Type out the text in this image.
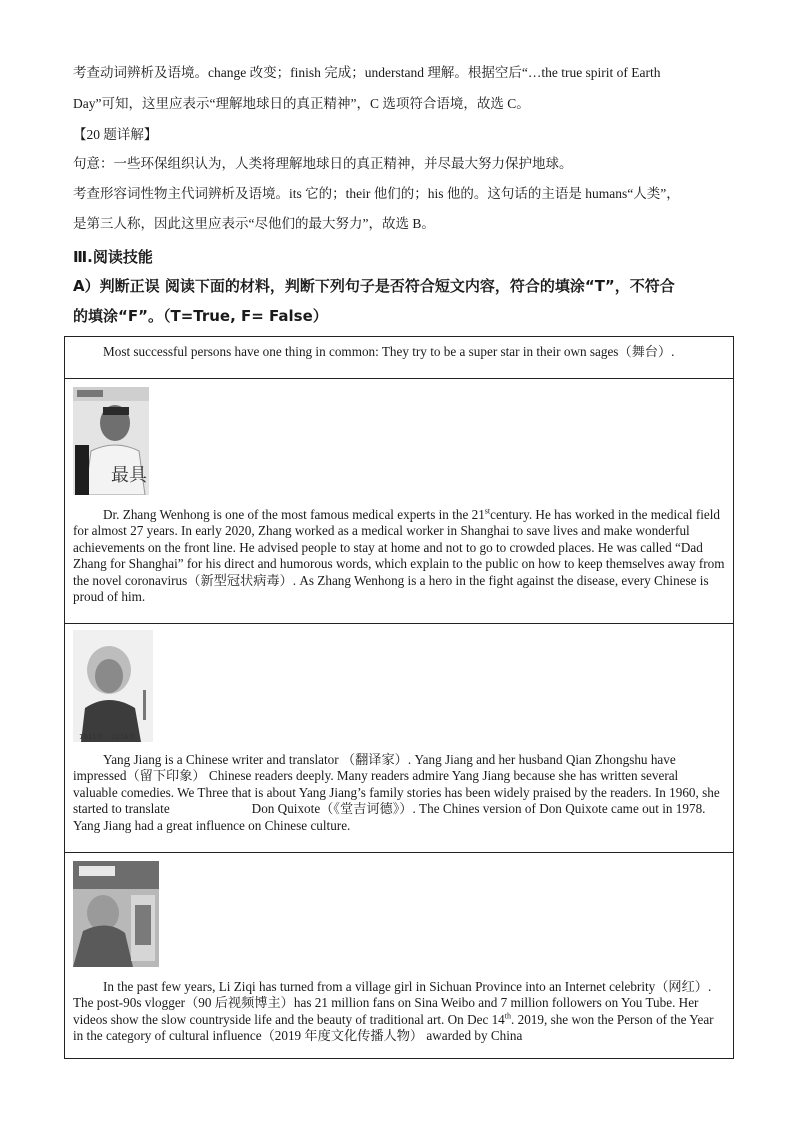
考查动词辨析及语境。change 改变；finish 完成；understand 理解。根据空后“…the true spirit of Earth
Day”可知，这里应表示“理解地球日的真正精神”，C 选项符合语境，故选 C。
【20 题详解】
句意：一些环保组织认为，人类将理解地球日的真正精神，并尽最大努力保护地球。
考查形容词性物主代词辨析及语境。its 它的；their 他们的；his 他的。这句话的主语是 humans“人类”，
是第三人称，因此这里应表示“尽他们的最大努力”，故选 B。
Ⅲ.阅读技能
A）判断正误 阅读下面的材料，判断下列句子是否符合短文内容，符合的填涂“T”，不符合
的填涂“F”。（T=True, F= False）

Most successful persons have one thing in common: They try to be a super star in their own sages（舞台）.

最具

Dr. Zhang Wenhong is one of the most famous medical experts in the 21stcentury. He has worked in the medical field for almost 27 years. In early 2020, Zhang worked as a medical worker in Shanghai to save lives and make wonderful achievements on the front line. He advised people to stay at home and not to go to crowded places. He was called “Dad Zhang for Shanghai” for his direct and humorous words, which explain to the public on how to keep themselves away from the novel coronavirus（新型冠状病毒）. As Zhang Wenhong is a hero in the fight against the disease, every Chinese is proud of him.

1911年 - 2016年

Yang Jiang is a Chinese writer and translator （翻译家）. Yang Jiang and her husband Qian Zhongshu have impressed（留下印象） Chinese readers deeply. Many readers admire Yang Jiang because she has written several valuable comedies. We Three that is about Yang Jiang’s family stories has been widely praised by the readers. In 1960, she started to translate	Don Quixote（《堂吉诃德》）. The Chines version of Don Quixote came out in 1978. Yang Jiang had a great influence on Chinese culture.

In the past few years, Li Ziqi has turned from a village girl in Sichuan Province into an Internet celebrity（网红）. The post-90s vlogger（90 后视频博主）has 21 million fans on Sina Weibo and 7 million followers on You Tube. Her videos show the slow countryside life and the beauty of traditional art. On Dec 14th. 2019, she won the Person of the Year in the category of cultural influence（2019 年度文化传播人物） awarded by China
